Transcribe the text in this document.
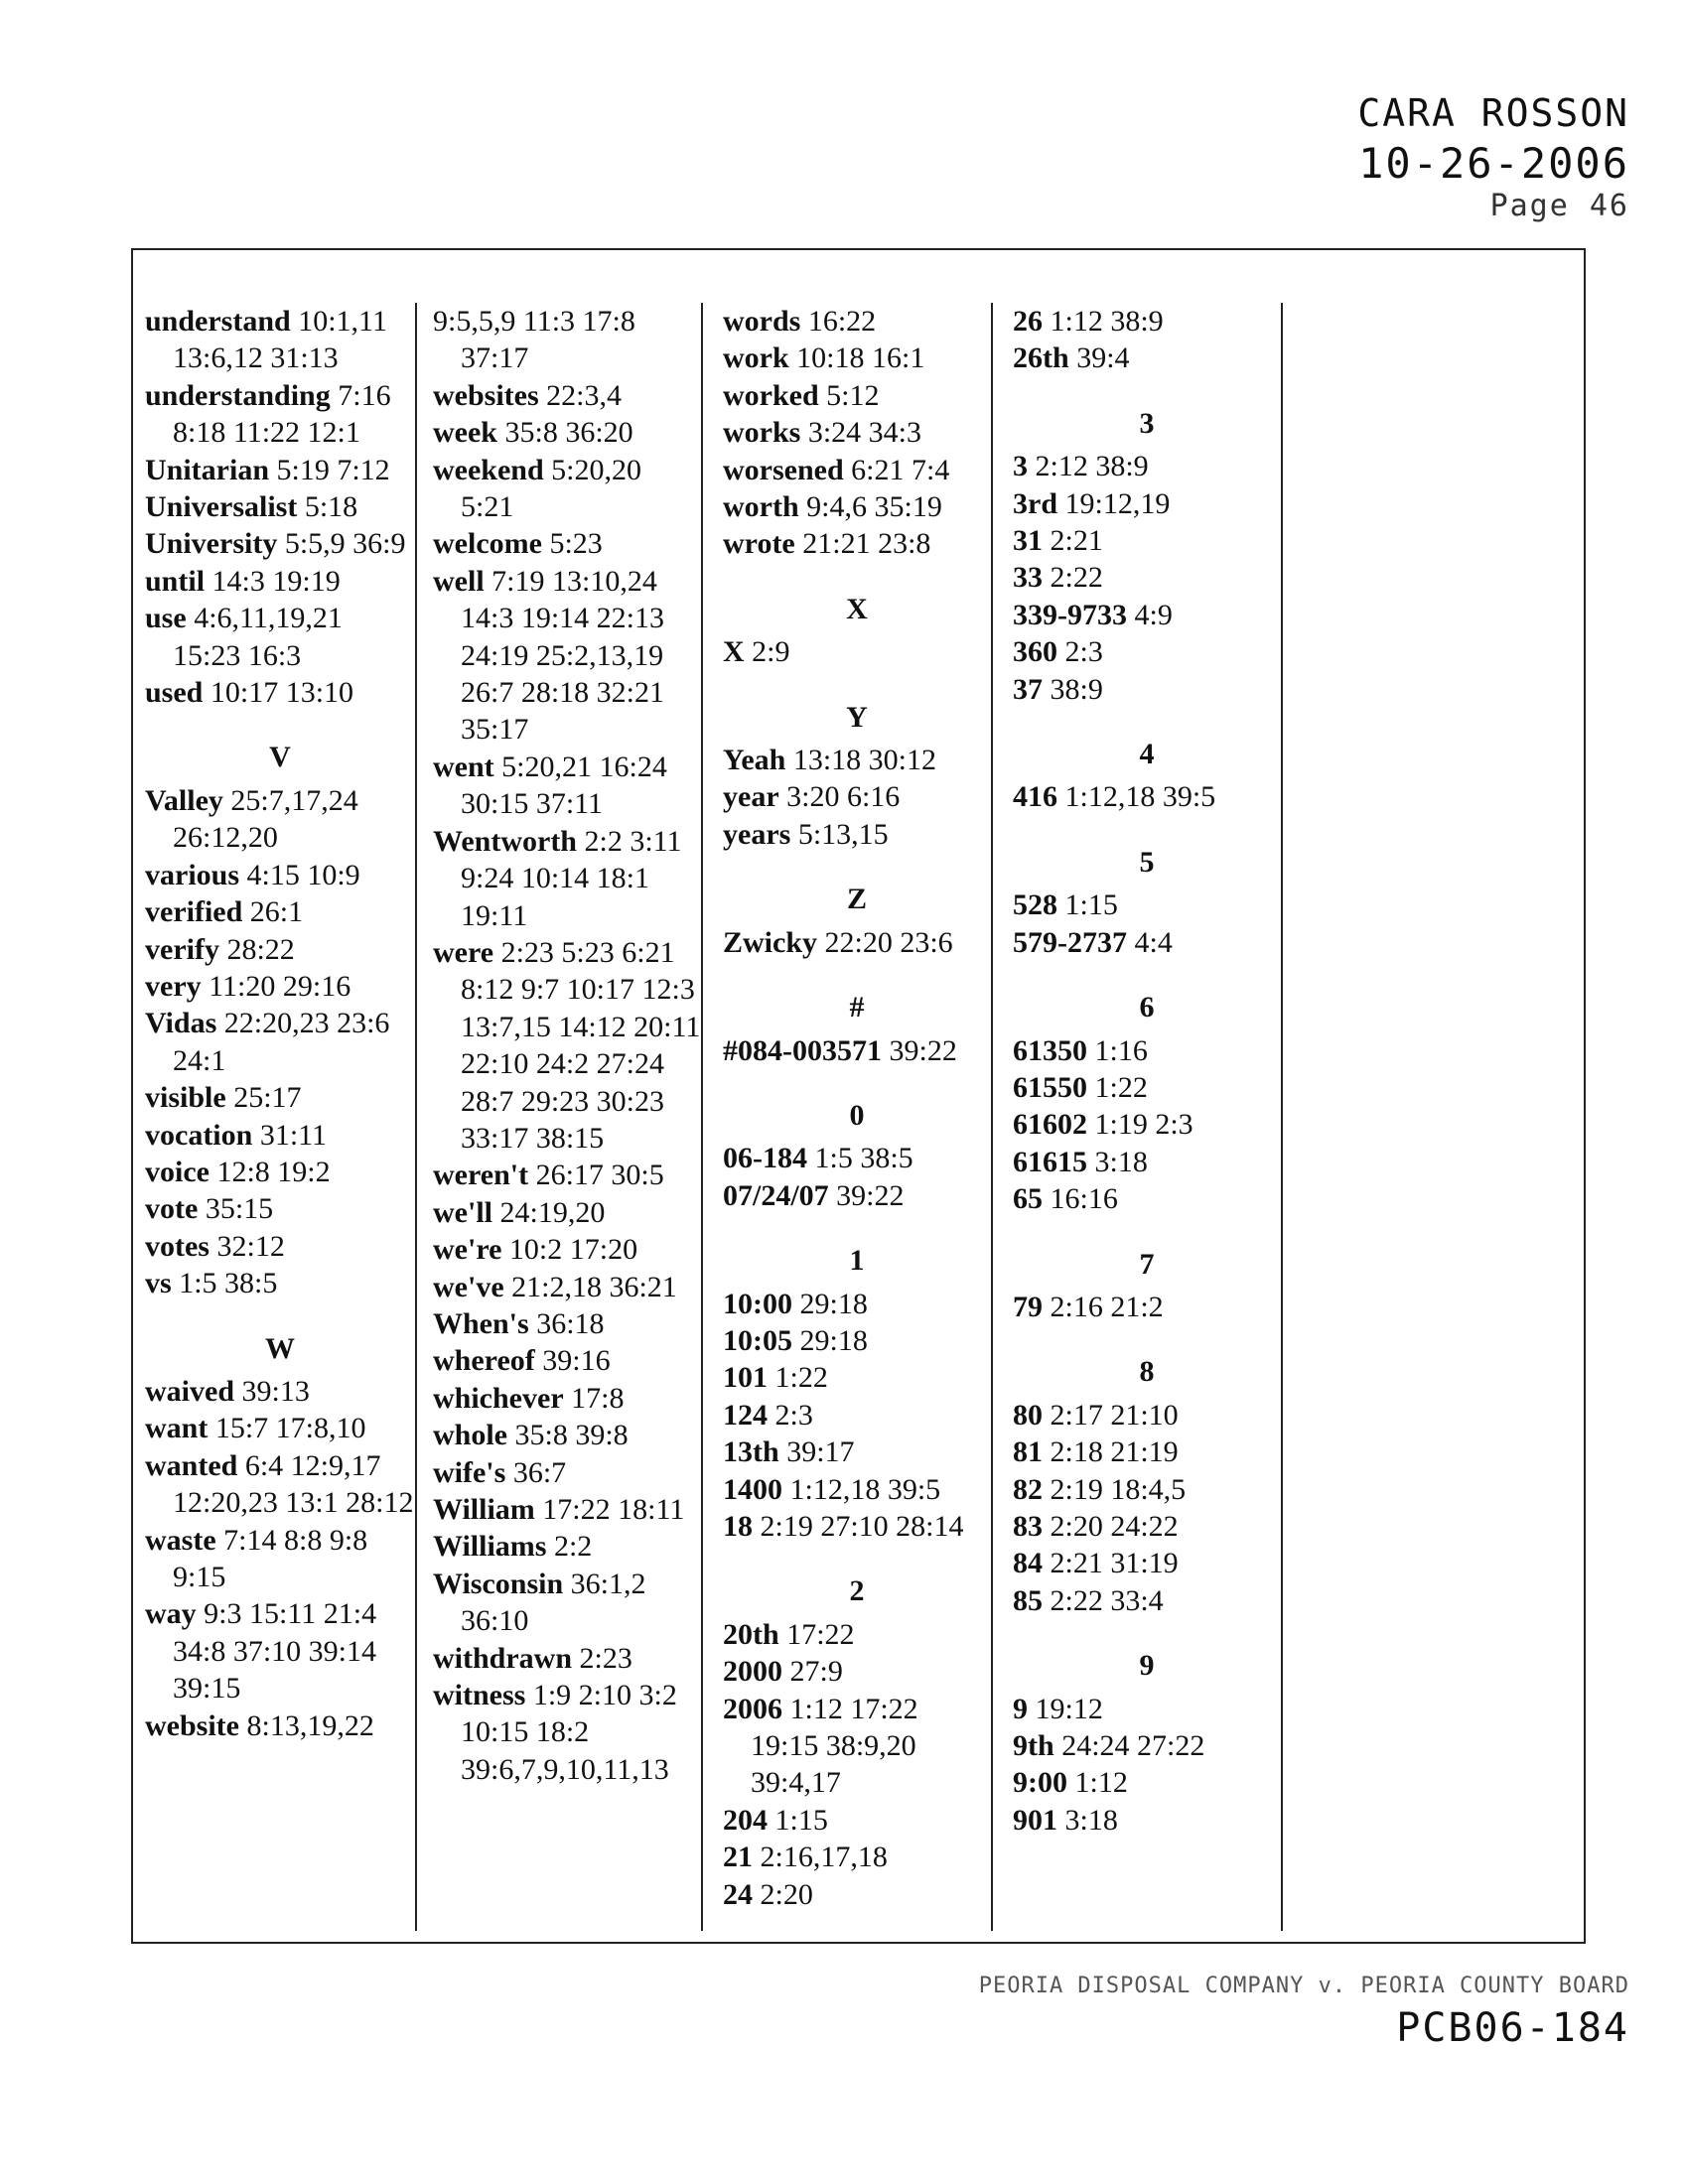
CARA ROSSON
10-26-2006
Page 46
understand 10:1,11 13:6,12 31:13
understanding 7:16 8:18 11:22 12:1
Unitarian 5:19 7:12
Universalist 5:18
University 5:5,9 36:9
until 14:3 19:19
use 4:6,11,19,21 15:23 16:3
used 10:17 13:10
V
Valley 25:7,17,24 26:12,20
various 4:15 10:9
verified 26:1
verify 28:22
very 11:20 29:16
Vidas 22:20,23 23:6 24:1
visible 25:17
vocation 31:11
voice 12:8 19:2
vote 35:15
votes 32:12
vs 1:5 38:5
W
waived 39:13
want 15:7 17:8,10
wanted 6:4 12:9,17 12:20,23 13:1 28:12
waste 7:14 8:8 9:8 9:15
way 9:3 15:11 21:4 34:8 37:10 39:14 39:15
website 8:13,19,22
9:5,5,9 11:3 17:8 37:17
websites 22:3,4
week 35:8 36:20
weekend 5:20,20 5:21
welcome 5:23
well 7:19 13:10,24 14:3 19:14 22:13 24:19 25:2,13,19 26:7 28:18 32:21 35:17
went 5:20,21 16:24 30:15 37:11
Wentworth 2:2 3:11 9:24 10:14 18:1 19:11
were 2:23 5:23 6:21 8:12 9:7 10:17 12:3 13:7,15 14:12 20:11 22:10 24:2 27:24 28:7 29:23 30:23 33:17 38:15
weren't 26:17 30:5
we'll 24:19,20
we're 10:2 17:20
we've 21:2,18 36:21
When's 36:18
whereof 39:16
whichever 17:8
whole 35:8 39:8
wife's 36:7
William 17:22 18:11
Williams 2:2
Wisconsin 36:1,2 36:10
withdrawn 2:23
witness 1:9 2:10 3:2 10:15 18:2 39:6,7,9,10,11,13
words 16:22
work 10:18 16:1
worked 5:12
works 3:24 34:3
worsened 6:21 7:4
worth 9:4,6 35:19
wrote 21:21 23:8
X
X 2:9
Y
Yeah 13:18 30:12
year 3:20 6:16
years 5:13,15
Z
Zwicky 22:20 23:6
#
#084-003571 39:22
0
06-184 1:5 38:5
07/24/07 39:22
1
10:00 29:18
10:05 29:18
101 1:22
124 2:3
13th 39:17
1400 1:12,18 39:5
18 2:19 27:10 28:14
2
20th 17:22
2000 27:9
2006 1:12 17:22 19:15 38:9,20 39:4,17
204 1:15
21 2:16,17,18
24 2:20
26 1:12 38:9
26th 39:4
3
3 2:12 38:9
3rd 19:12,19
31 2:21
33 2:22
339-9733 4:9
360 2:3
37 38:9
4
416 1:12,18 39:5
5
528 1:15
579-2737 4:4
6
61350 1:16
61550 1:22
61602 1:19 2:3
61615 3:18
65 16:16
7
79 2:16 21:2
8
80 2:17 21:10
81 2:18 21:19
82 2:19 18:4,5
83 2:20 24:22
84 2:21 31:19
85 2:22 33:4
9
9 19:12
9th 24:24 27:22
9:00 1:12
901 3:18
PEORIA DISPOSAL COMPANY v. PEORIA COUNTY BOARD
PCB06-184
